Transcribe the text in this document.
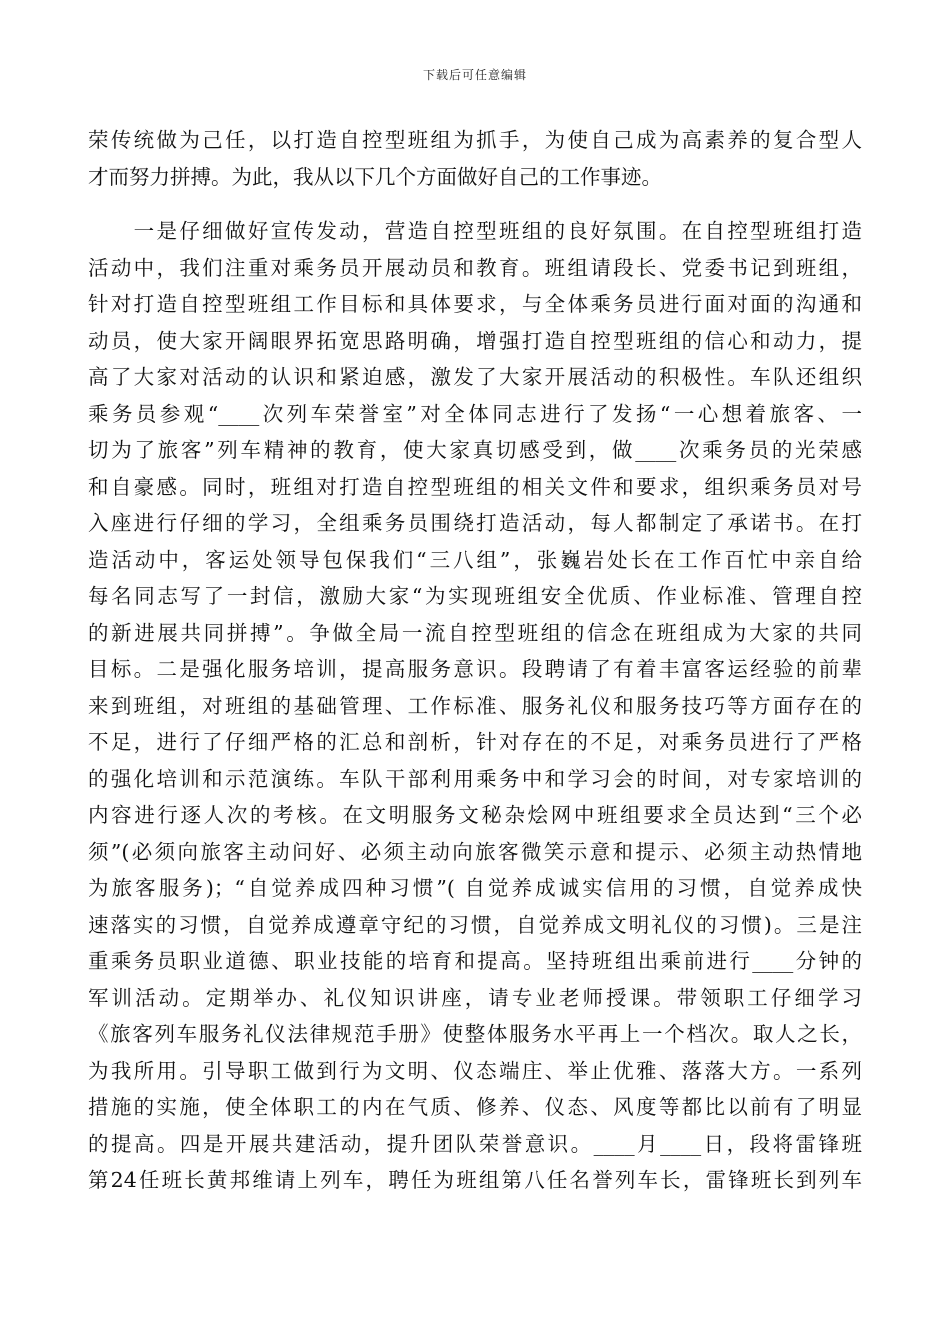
下载后可任意编辑
荣传统做为己任，以打造自控型班组为抓手，为使自己成为高素养的复合型人
才而努力拼搏。为此，我从以下几个方面做好自己的工作事迹。
　　一是仔细做好宣传发动，营造自控型班组的良好氛围。在自控型班组打造
活动中，我们注重对乘务员开展动员和教育。班组请段长、党委书记到班组，
针对打造自控型班组工作目标和具体要求，与全体乘务员进行面对面的沟通和
动员，使大家开阔眼界拓宽思路明确，增强打造自控型班组的信心和动力，提
高了大家对活动的认识和紧迫感，激发了大家开展活动的积极性。车队还组织
乘务员参观“____次列车荣誉室”对全体同志进行了发扬“一心想着旅客、一
切为了旅客”列车精神的教育，使大家真切感受到，做____次乘务员的光荣感
和自豪感。同时，班组对打造自控型班组的相关文件和要求，组织乘务员对号
入座进行仔细的学习，全组乘务员围绕打造活动，每人都制定了承诺书。在打
造活动中，客运处领导包保我们“三八组”，张巍岩处长在工作百忙中亲自给
每名同志写了一封信，激励大家“为实现班组安全优质、作业标准、管理自控
的新进展共同拼搏”。争做全局一流自控型班组的信念在班组成为大家的共同
目标。二是强化服务培训，提高服务意识。段聘请了有着丰富客运经验的前辈
来到班组，对班组的基础管理、工作标准、服务礼仪和服务技巧等方面存在的
不足，进行了仔细严格的汇总和剖析，针对存在的不足，对乘务员进行了严格
的强化培训和示范演练。车队干部利用乘务中和学习会的时间，对专家培训的
内容进行逐人次的考核。在文明服务文秘杂烩网中班组要求全员达到“三个必
须”(必须向旅客主动问好、必须主动向旅客微笑示意和提示、必须主动热情地
为旅客服务)；“自觉养成四种习惯”( 自觉养成诚实信用的习惯，自觉养成快
速落实的习惯，自觉养成遵章守纪的习惯，自觉养成文明礼仪的习惯)。三是注
重乘务员职业道德、职业技能的培育和提高。坚持班组出乘前进行____分钟的
军训活动。定期举办、礼仪知识讲座，请专业老师授课。带领职工仔细学习
《旅客列车服务礼仪法律规范手册》使整体服务水平再上一个档次。取人之长，
为我所用。引导职工做到行为文明、仪态端庄、举止优雅、落落大方。一系列
措施的实施，使全体职工的内在气质、修养、仪态、风度等都比以前有了明显
的提高。四是开展共建活动，提升团队荣誉意识。____月____日，段将雷锋班
第24任班长黄邦维请上列车，聘任为班组第八任名誉列车长，雷锋班长到列车
